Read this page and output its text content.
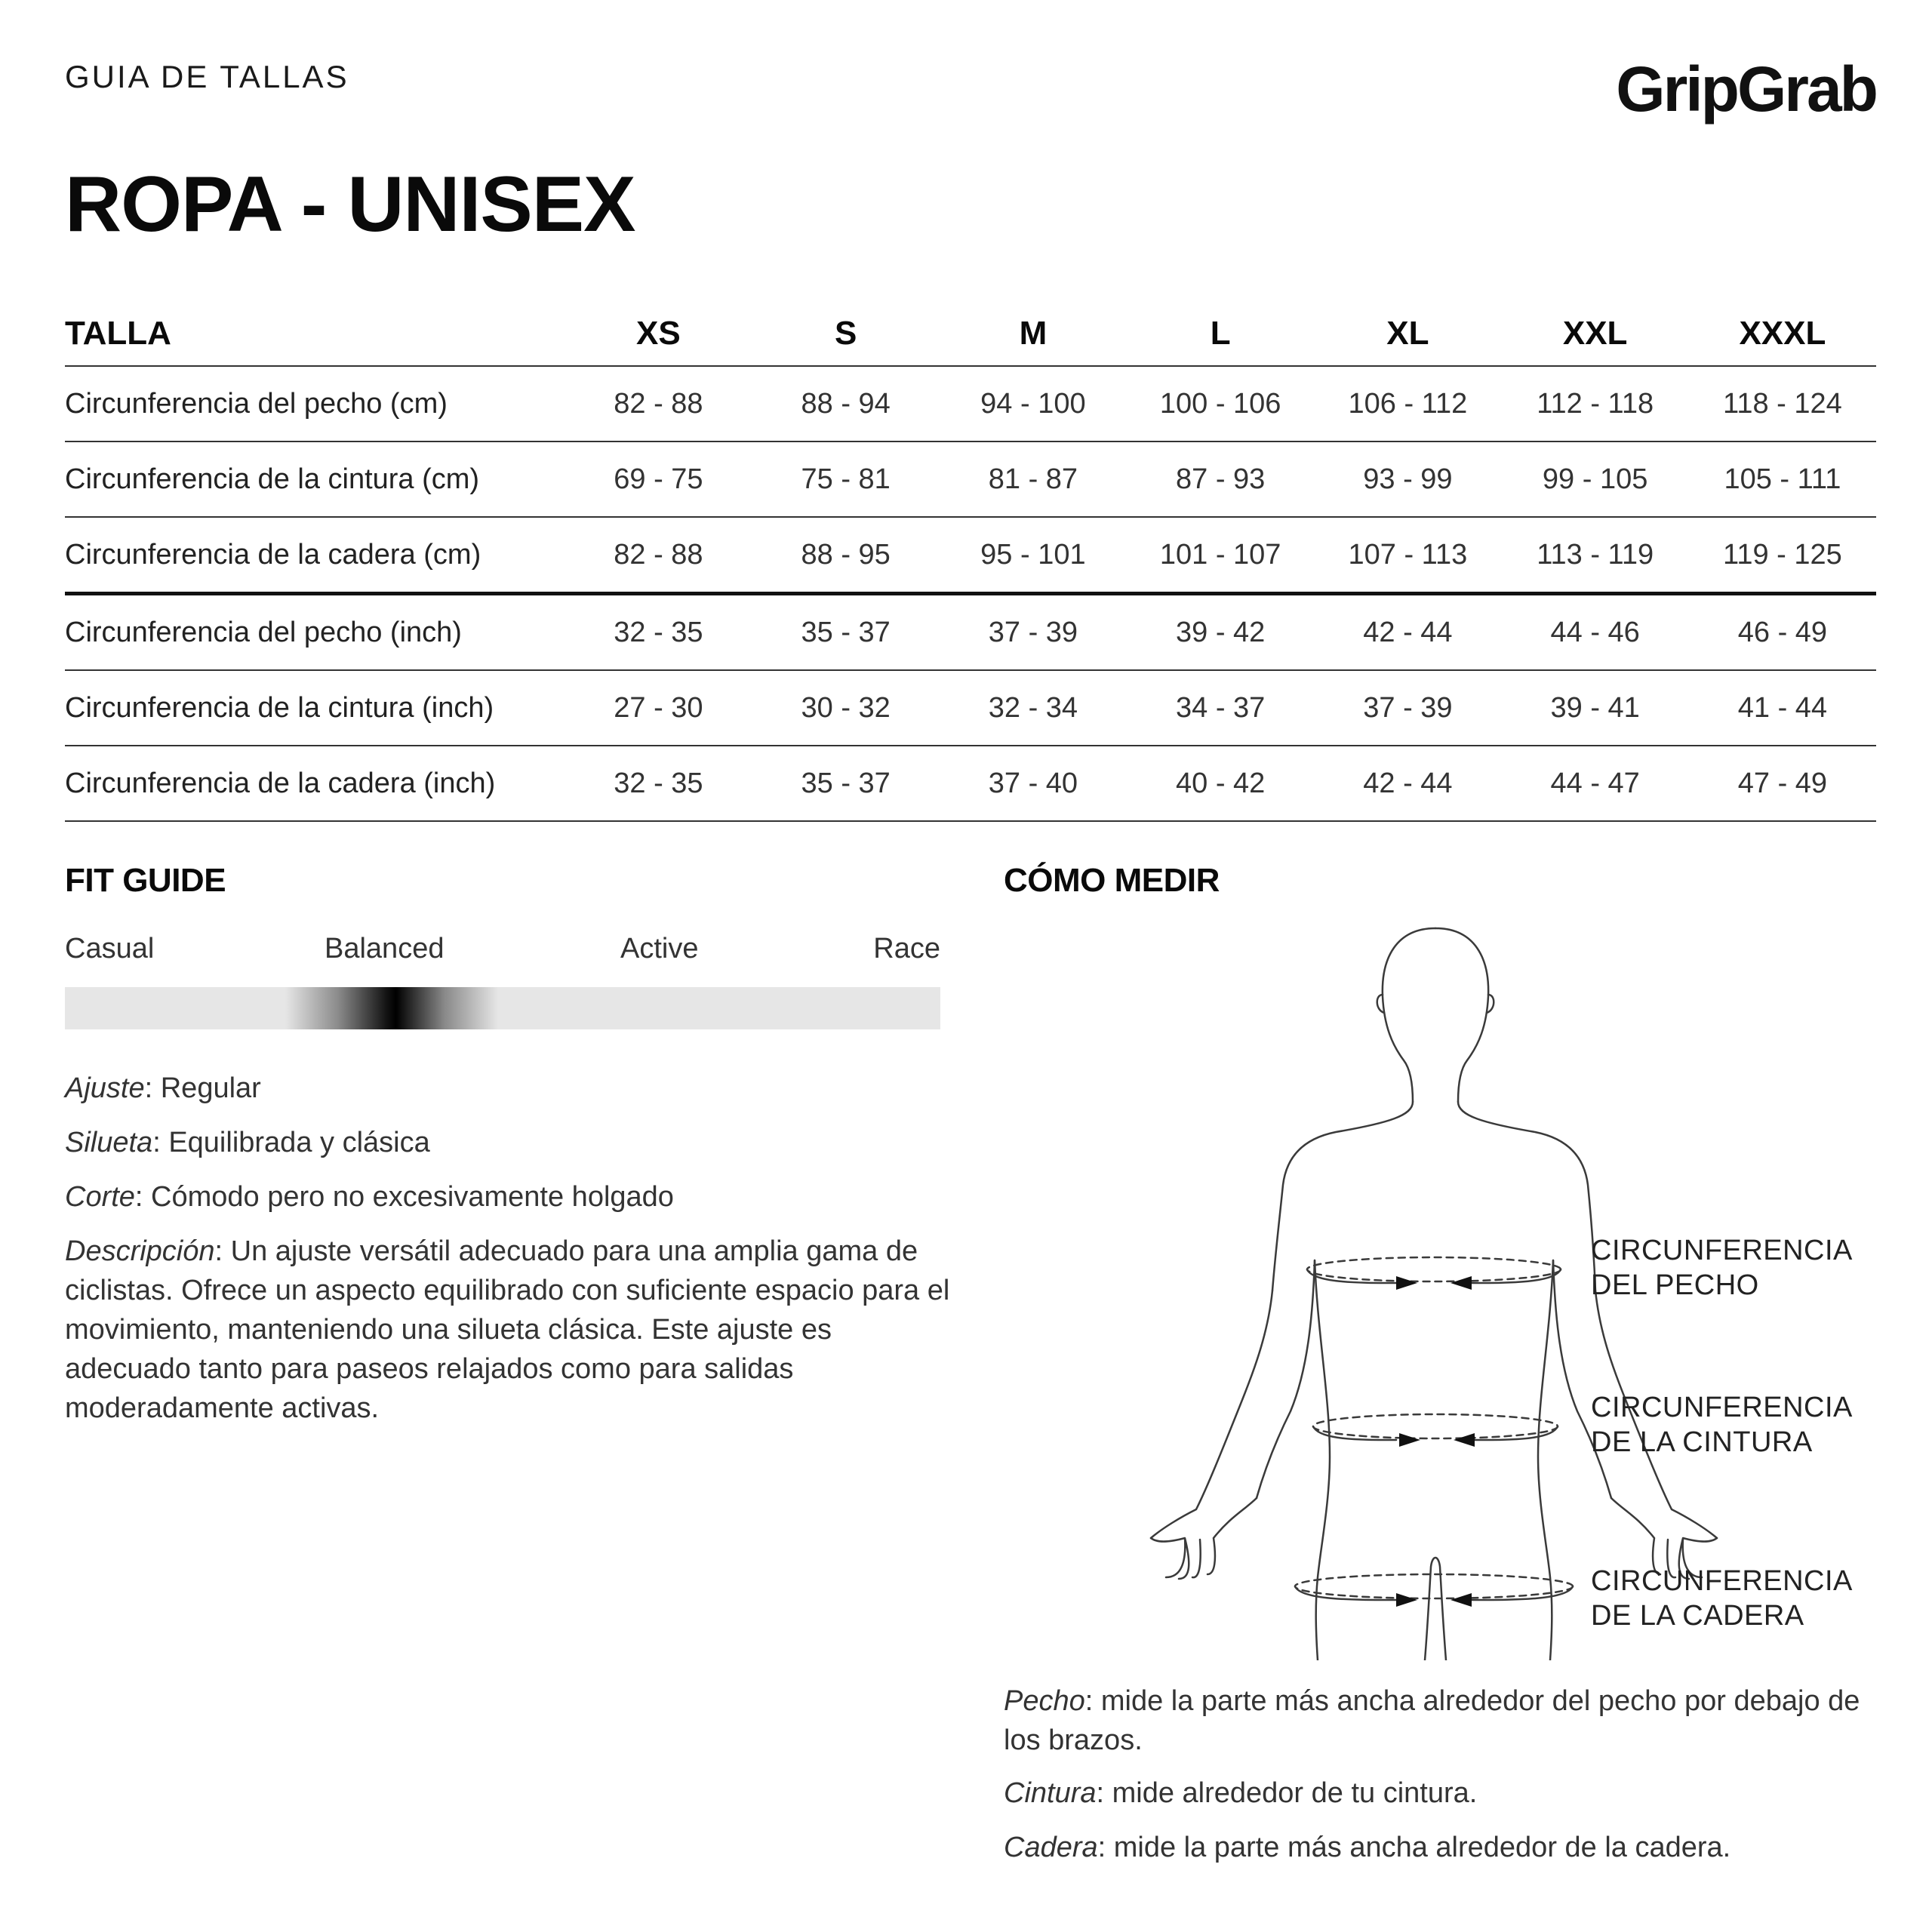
GUIA DE TALLAS	GripGrab
ROPA - UNISEX
TALLA	XS	S	M	L	XL	XXL	XXXL
Circunferencia del pecho (cm)	82 - 88	88 - 94	94 - 100	100 - 106	106 - 112	112 - 118	118 - 124
Circunferencia de la cintura (cm)	69 - 75	75 - 81	81 - 87	87 - 93	93 - 99	99 - 105	105 - 111
Circunferencia de la cadera (cm)	82 - 88	88 - 95	95 - 101	101 - 107	107 - 113	113 - 119	119 - 125
Circunferencia del pecho (inch)	32 - 35	35 - 37	37 - 39	39 - 42	42 - 44	44 - 46	46 - 49
Circunferencia de la cintura (inch)	27 - 30	30 - 32	32 - 34	34 - 37	37 - 39	39 - 41	41 - 44
Circunferencia de la cadera (inch)	32 - 35	35 - 37	37 - 40	40 - 42	42 - 44	44 - 47	47 - 49
FIT GUIDE
Casual	Balanced	Active	Race
Ajuste: Regular
Silueta: Equilibrada y clásica
Corte: Cómodo pero no excesivamente holgado
Descripción: Un ajuste versátil adecuado para una amplia gama de ciclistas. Ofrece un aspecto equilibrado con suficiente espacio para el movimiento, manteniendo una silueta clásica. Este ajuste es adecuado tanto para paseos relajados como para salidas moderadamente activas.
CÓMO MEDIR
CIRCUNFERENCIA
DEL PECHO
CIRCUNFERENCIA
DE LA CINTURA
CIRCUNFERENCIA
DE LA CADERA
Pecho: mide la parte más ancha alrededor del pecho por debajo de los brazos.
Cintura: mide alrededor de tu cintura.
Cadera: mide la parte más ancha alrededor de la cadera.
